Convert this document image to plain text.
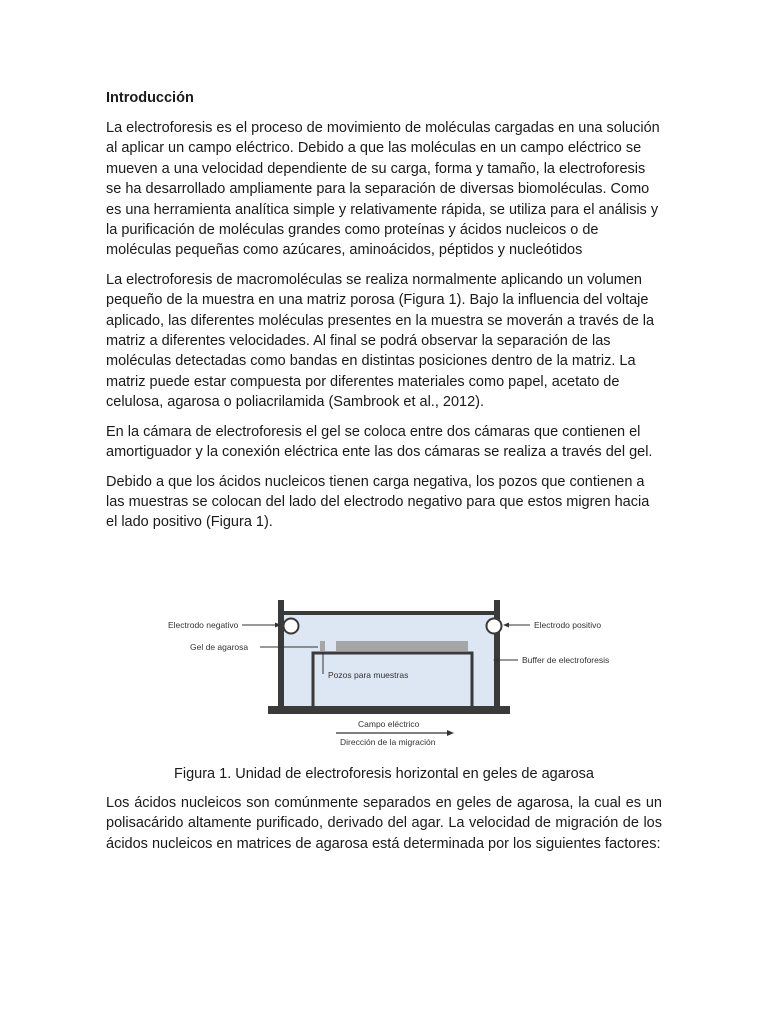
Introducción

La electroforesis es el proceso de movimiento de moléculas cargadas en una solución al aplicar un campo eléctrico. Debido a que las moléculas en un campo eléctrico se mueven a una velocidad dependiente de su carga, forma y tamaño, la electroforesis se ha desarrollado ampliamente para la separación de diversas biomoléculas. Como es una herramienta analítica simple y relativamente rápida, se utiliza para el análisis y la purificación de moléculas grandes como proteínas y ácidos nucleicos o de moléculas pequeñas como azúcares, aminoácidos, péptidos y nucleótidos

La electroforesis de macromoléculas se realiza normalmente aplicando un volumen pequeño de la muestra en una matriz porosa (Figura 1). Bajo la influencia del voltaje aplicado, las diferentes moléculas presentes en la muestra se moverán a través de la matriz a diferentes velocidades. Al final se podrá observar la separación de las moléculas detectadas como bandas en distintas posiciones dentro de la matriz. La matriz puede estar compuesta por diferentes materiales como papel, acetato de celulosa, agarosa o poliacrilamida (Sambrook et al., 2012).

En la cámara de electroforesis el gel se coloca entre dos cámaras que contienen el amortiguador y la conexión eléctrica ente las dos cámaras se realiza a través del gel.

Debido a que los ácidos nucleicos tienen carga negativa, los pozos que contienen a las muestras se colocan del lado del electrodo negativo para que estos migren hacia el lado positivo (Figura 1).

Electrodo negativo
Gel de agarosa
Pozos para muestras
Electrodo positivo
Buffer de electroforesis
Campo eléctrico
Dirección de la migración
Figura 1. Unidad de electroforesis horizontal en geles de agarosa

Los ácidos nucleicos son comúnmente separados en geles de agarosa, la cual es un polisacárido altamente purificado, derivado del agar. La velocidad de migración de los ácidos nucleicos en matrices de agarosa está determinada por los siguientes factores:
